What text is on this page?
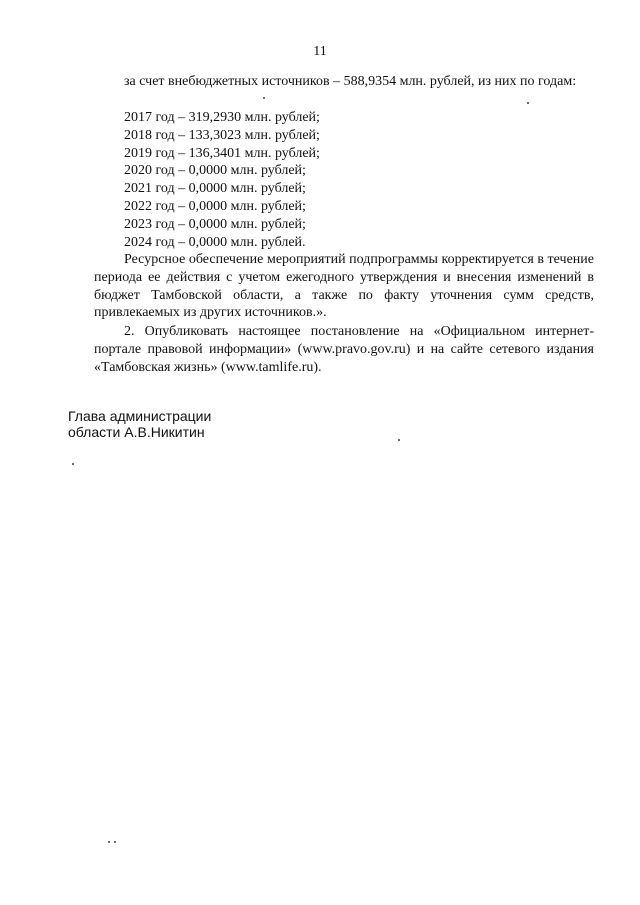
11

за счет внебюджетных источников – 588,9354 млн. рублей, из них по годам:

2017 год – 319,2930 млн. рублей;
2018 год – 133,3023 млн. рублей;
2019 год – 136,3401 млн. рублей;
2020 год – 0,0000 млн. рублей;
2021 год – 0,0000 млн. рублей;
2022 год – 0,0000 млн. рублей;
2023 год – 0,0000 млн. рублей;
2024 год – 0,0000 млн. рублей.

Ресурсное обеспечение мероприятий подпрограммы корректируется в течение периода ее действия с учетом ежегодного утверждения и внесения изменений в бюджет Тамбовской области, а также по факту уточнения сумм средств, привлекаемых из других источников.».

2. Опубликовать настоящее постановление на «Официальном интернет-портале правовой информации» (www.pravo.gov.ru) и на сайте сетевого издания «Тамбовская жизнь» (www.tamlife.ru).

Глава администрации
области А.В.Никитин
